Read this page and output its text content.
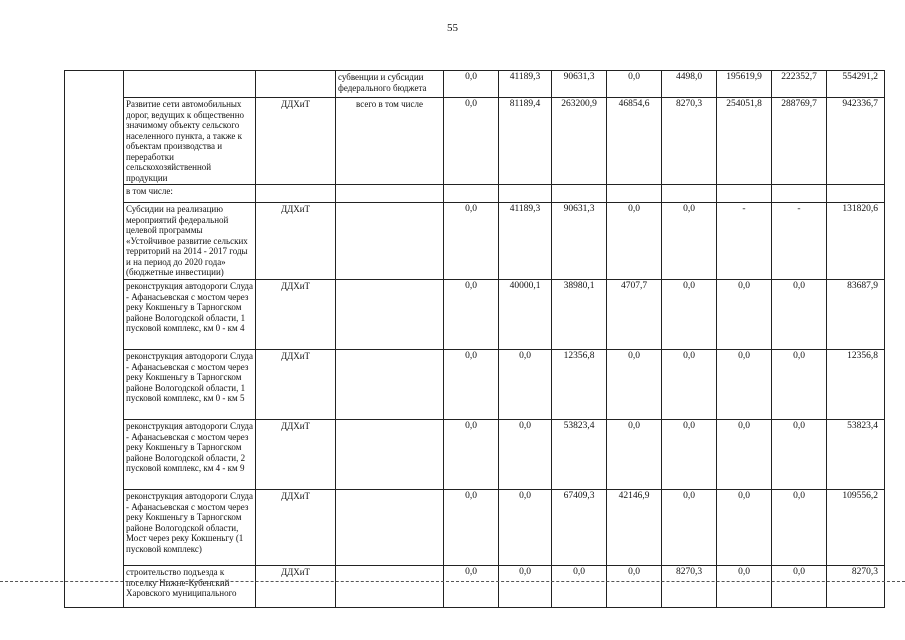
55
			субвенции и субсидии федерального бюджета	0,0	41189,3	90631,3	0,0	4498,0	195619,9	222352,7	554291,2
	Развитие сети автомобильных дорог, ведущих к общественно значимому объекту сельского населенного пункта, а также к объектам производства и переработки сельскохозяйственной продукции	ДДХиТ	всего в том числе	0,0	81189,4	263200,9	46854,6	8270,3	254051,8	288769,7	942336,7
	в том числе:										
	Субсидии на реализацию мероприятий федеральной целевой программы «Устойчивое развитие сельских территорий на 2014 - 2017 годы и на период до 2020 года» (бюджетные инвестиции)	ДДХиТ		0,0	41189,3	90631,3	0,0	0,0	-	-	131820,6
	реконструкция автодороги Слуда - Афанасьевская с мостом через реку Кокшеньгу в Тарногском районе Вологодской области, 1 пусковой комплекс, км 0 - км 4	ДДХиТ		0,0	40000,1	38980,1	4707,7	0,0	0,0	0,0	83687,9
	реконструкция автодороги Слуда - Афанасьевская с мостом через реку Кокшеньгу в Тарногском районе Вологодской области, 1 пусковой комплекс, км 0 - км 5	ДДХиТ		0,0	0,0	12356,8	0,0	0,0	0,0	0,0	12356,8
	реконструкция автодороги Слуда - Афанасьевская с мостом через реку Кокшеньгу в Тарногском районе Вологодской области, 2 пусковой комплекс, км 4 - км 9	ДДХиТ		0,0	0,0	53823,4	0,0	0,0	0,0	0,0	53823,4
	реконструкция автодороги Слуда - Афанасьевская с мостом через реку Кокшеньгу в Тарногском районе Вологодской области, Мост через реку Кокшеньгу (1 пусковой комплекс)	ДДХиТ		0,0	0,0	67409,3	42146,9	0,0	0,0	0,0	109556,2
	строительство подъезда к поселку Нижне-Кубенский Харовского муниципального	ДДХиТ		0,0	0,0	0,0	0,0	8270,3	0,0	0,0	8270,3
